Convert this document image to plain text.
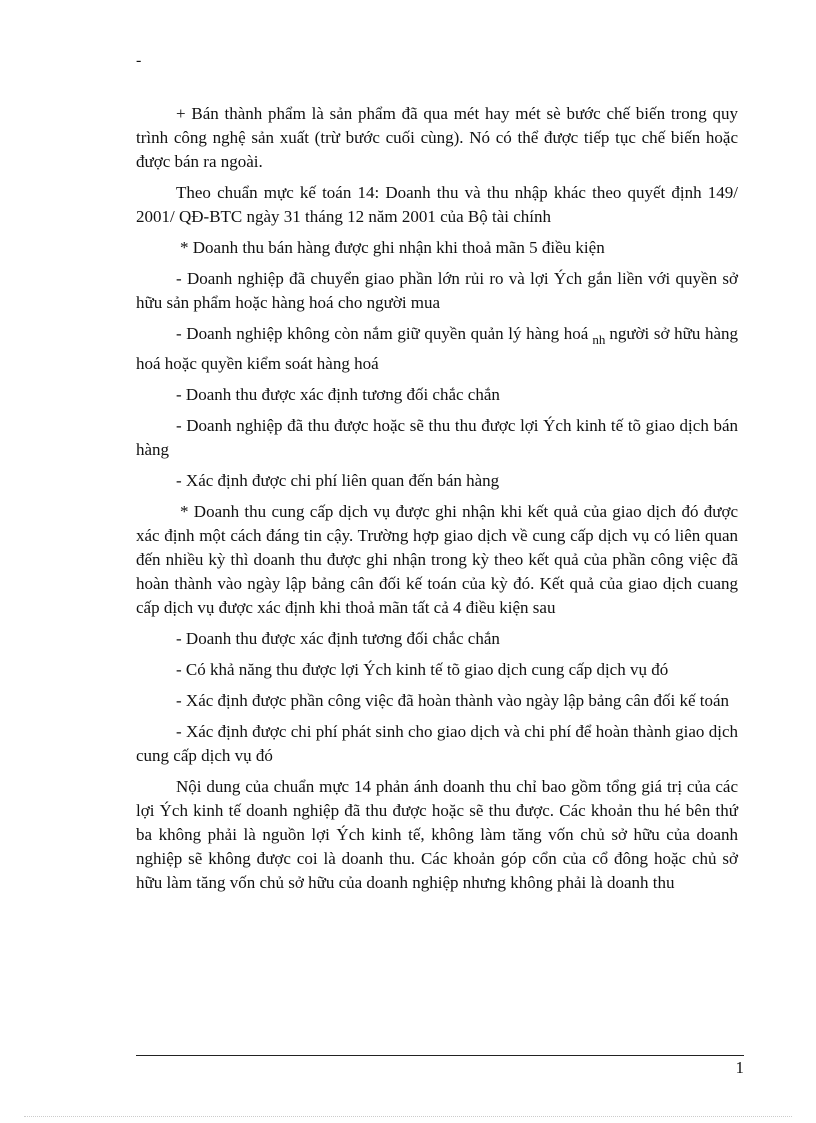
-

+ Bán thành phẩm là sản phẩm đã qua mét hay mét sè bước chế biến trong quy trình công nghệ sản xuất (trừ bước cuối cùng). Nó có thể được tiếp tục chế biến hoặc được bán ra ngoài.

Theo chuẩn mực kế toán 14: Doanh thu và thu nhập khác theo quyết định 149/ 2001/ QĐ-BTC ngày 31 tháng 12 năm 2001 của Bộ tài chính

* Doanh thu bán hàng được ghi nhận khi thoả mãn 5 điều kiện

- Doanh nghiệp đã chuyển giao phần lớn rủi ro và lợi Ých gắn liền với quyền sở hữu sản phẩm hoặc hàng hoá cho người mua

- Doanh nghiệp không còn nắm giữ quyền quản lý hàng hoá $_{nh}$ người sở hữu hàng hoá hoặc quyền kiểm soát hàng hoá

- Doanh thu được xác định tương đối chắc chắn

- Doanh nghiệp đã thu được hoặc sẽ thu thu được lợi Ých kinh tế tõ giao dịch bán hàng

- Xác định được chi phí liên quan đến bán hàng

* Doanh thu cung cấp dịch vụ được ghi nhận khi kết quả của giao dịch đó được xác định một cách đáng tin cậy. Trường hợp giao dịch về cung cấp dịch vụ có liên quan đến nhiều kỳ thì doanh thu được ghi nhận trong kỳ theo kết quả của phần công việc đã hoàn thành vào ngày lập bảng cân đối kế toán của kỳ đó. Kết quả của giao dịch cuang cấp dịch vụ được xác định khi thoả mãn tất cả 4 điều kiện sau

- Doanh thu được xác định tương đối chắc chắn

- Có khả năng thu được lợi Ých kinh tế tõ giao dịch cung cấp dịch vụ đó

- Xác định được phần công việc đã hoàn thành vào ngày lập bảng cân đối kế toán

- Xác định được chi phí phát sinh cho giao dịch và chi phí để hoàn thành giao dịch cung cấp dịch vụ đó

Nội dung của chuẩn mực 14 phản ánh doanh thu chỉ bao gồm tổng giá trị của các lợi Ých kinh tế doanh nghiệp đã thu được hoặc sẽ thu được. Các khoản thu hé bên thứ ba không phải là nguồn lợi Ých kinh tế, không làm tăng vốn chủ sở hữu của doanh nghiệp sẽ không được coi là doanh thu. Các khoản góp cổn của cổ đông hoặc chủ sở hữu làm tăng vốn chủ sở hữu của doanh nghiệp nhưng không phải là doanh thu

1
